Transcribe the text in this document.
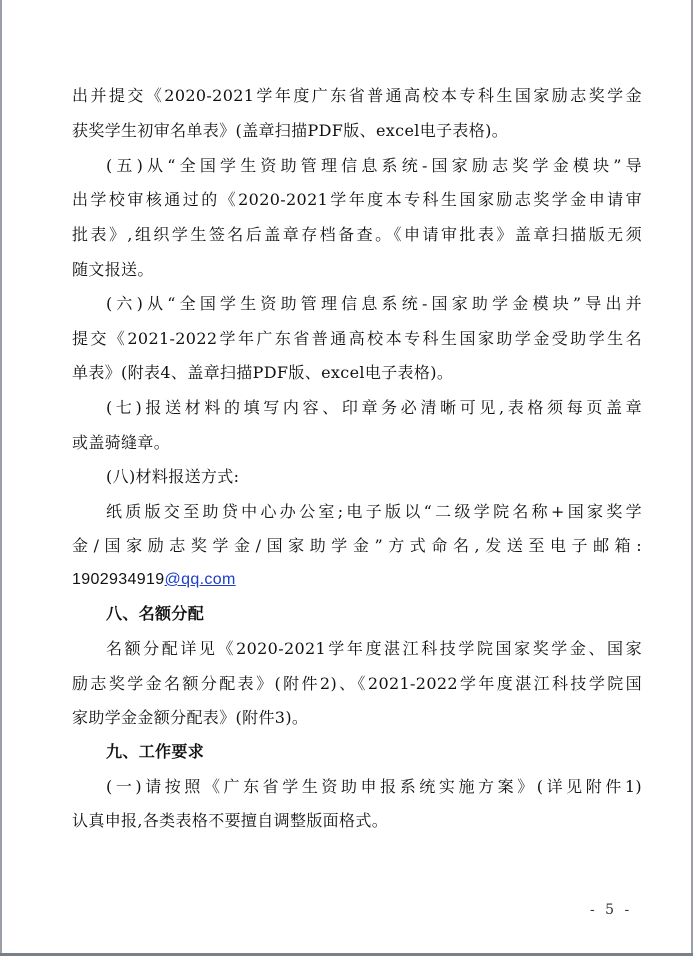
出并提交《2020-2021学年度广东省普通高校本专科生国家励志奖学金
获奖学生初审名单表》(盖章扫描PDF版、excel电子表格)。
(五)从“全国学生资助管理信息系统-国家励志奖学金模块”导
出学校审核通过的《2020-2021学年度本专科生国家励志奖学金申请审
批表》,组织学生签名后盖章存档备查。《申请审批表》盖章扫描版无须
随文报送。
(六)从“全国学生资助管理信息系统-国家助学金模块”导出并
提交《2021-2022学年广东省普通高校本专科生国家助学金受助学生名
单表》(附表4、盖章扫描PDF版、excel电子表格)。
(七)报送材料的填写内容、印章务必清晰可见,表格须每页盖章
或盖骑缝章。
(八)材料报送方式:
纸质版交至助贷中心办公室;电子版以“二级学院名称+国家奖学
金/国家励志奖学金/国家助学金”方式命名,发送至电子邮箱:
1902934919@qq.com
八、名额分配
名额分配详见《2020-2021学年度湛江科技学院国家奖学金、国家
励志奖学金名额分配表》(附件2)、《2021-2022学年度湛江科技学院国
家助学金金额分配表》(附件3)。
九、工作要求
(一)请按照《广东省学生资助申报系统实施方案》(详见附件1)
认真申报,各类表格不要擅自调整版面格式。
- 5 -
